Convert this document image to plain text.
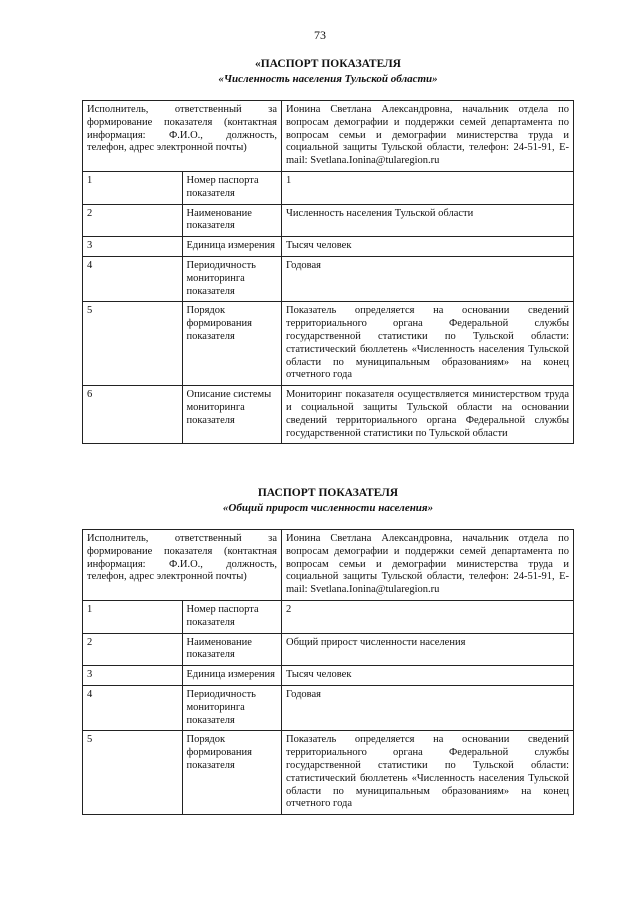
73
«ПАСПОРТ ПОКАЗАТЕЛЯ
«Численность населения Тульской области»
Исполнитель, ответственный за формирование показателя (контактная информация: Ф.И.О., должность, телефон, адрес электронной почты)		Ионина Светлана Александровна, начальник отдела по вопросам демографии и поддержки семей департамента по вопросам семьи и демографии министерства труда и социальной защиты Тульской области, телефон: 24-51-91, E-mail: Svetlana.Ionina@tularegion.ru
1	Номер паспорта показателя	1
2	Наименование показателя	Численность населения Тульской области
3	Единица измерения	Тысяч человек
4	Периодичность мониторинга показателя	Годовая
5	Порядок формирования показателя	Показатель определяется на основании сведений территориального органа Федеральной службы государственной статистики по Тульской области: статистический бюллетень «Численность населения Тульской области по муниципальным образованиям» на конец отчетного года
6	Описание системы мониторинга показателя	Мониторинг показателя осуществляется министерством труда и социальной защиты Тульской области на основании сведений территориального органа Федеральной службы государственной статистики по Тульской области
ПАСПОРТ ПОКАЗАТЕЛЯ
«Общий прирост численности населения»
Исполнитель, ответственный за формирование показателя (контактная информация: Ф.И.О., должность, телефон, адрес электронной почты)		Ионина Светлана Александровна, начальник отдела по вопросам демографии и поддержки семей департамента по вопросам семьи и демографии министерства труда и социальной защиты Тульской области, телефон: 24-51-91, E-mail: Svetlana.Ionina@tularegion.ru
1	Номер паспорта показателя	2
2	Наименование показателя	Общий прирост численности населения
3	Единица измерения	Тысяч человек
4	Периодичность мониторинга показателя	Годовая
5	Порядок формирования показателя	Показатель определяется на основании сведений территориального органа Федеральной службы государственной статистики по Тульской области: статистический бюллетень «Численность населения Тульской области по муниципальным образованиям» на конец отчетного года
